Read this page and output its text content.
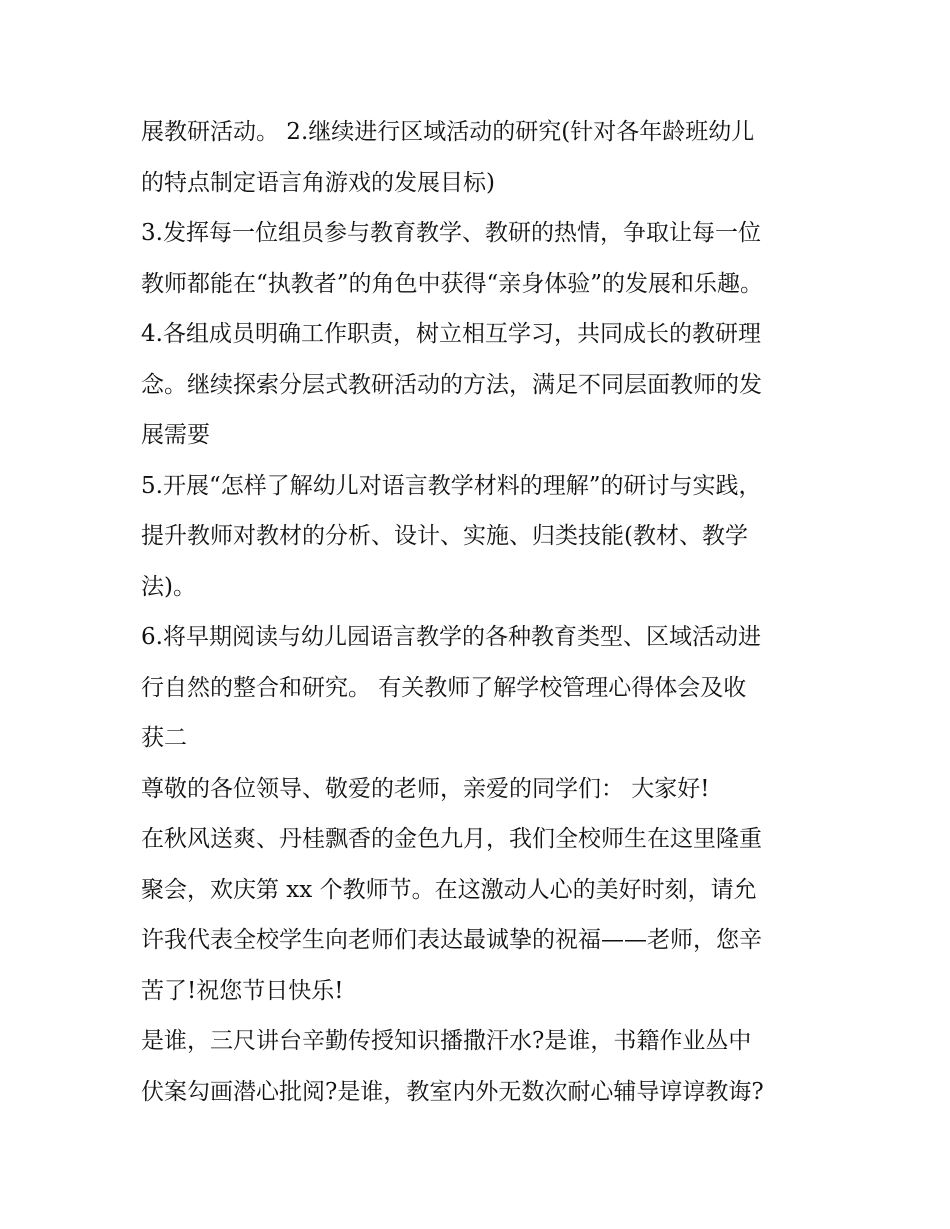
展教研活动。 2.继续进行区域活动的研究(针对各年龄班幼儿
的特点制定语言角游戏的发展目标)
3.发挥每一位组员参与教育教学、教研的热情，争取让每一位
教师都能在“执教者”的角色中获得“亲身体验”的发展和乐趣。
4.各组成员明确工作职责，树立相互学习，共同成长的教研理
念。继续探索分层式教研活动的方法，满足不同层面教师的发
展需要
5.开展“怎样了解幼儿对语言教学材料的理解”的研讨与实践，
提升教师对教材的分析、设计、实施、归类技能(教材、教学
法)。
6.将早期阅读与幼儿园语言教学的各种教育类型、区域活动进
行自然的整合和研究。 有关教师了解学校管理心得体会及收
获二
尊敬的各位领导、敬爱的老师，亲爱的同学们： 大家好!
在秋风送爽、丹桂飘香的金色九月，我们全校师生在这里隆重
聚会，欢庆第 xx 个教师节。在这激动人心的美好时刻，请允
许我代表全校学生向老师们表达最诚挚的祝福——老师，您辛
苦了!祝您节日快乐!
是谁，三尺讲台辛勤传授知识播撒汗水?是谁，书籍作业丛中
伏案勾画潜心批阅?是谁，教室内外无数次耐心辅导谆谆教诲?
